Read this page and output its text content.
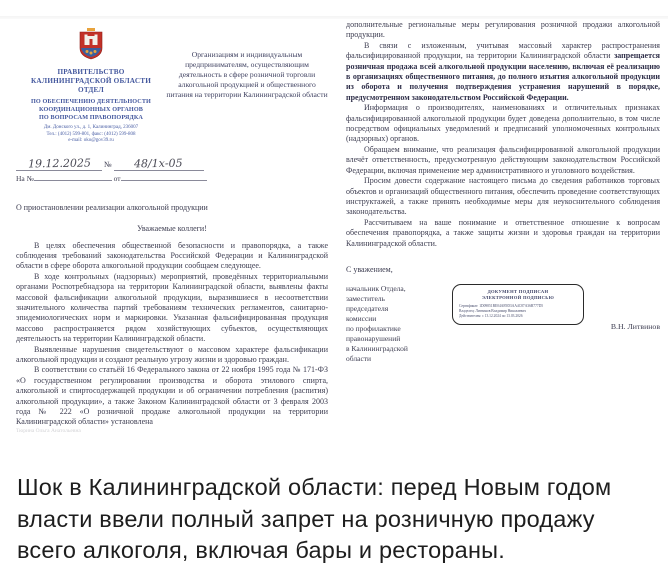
ПРАВИТЕЛЬСТВО
КАЛИНИНГРАДСКОЙ ОБЛАСТИ
ОТДЕЛ
ПО ОБЕСПЕЧЕНИЮ ДЕЯТЕЛЬНОСТИ
КООРДИНАЦИОННЫХ ОРГАНОВ
ПО ВОПРОСАМ ПРАВОПОРЯДКА
Дм. Донского ул., д. 1, Калининград, 236007
Тел.: (4012) 599-801, факс: (4012) 599-808
e-mail: oko@gov39.ru
Организациям и индивидуальным предпринимателям, осуществляющим деятельность в сфере розничной торговли алкогольной продукцией и общественного питания на территории Калининградской области
19.12.2025 № 48/1х-05
На №	от
О приостановлении реализации алкогольной продукции
Уважаемые коллеги!

В целях обеспечения общественной безопасности и правопорядка, а также соблюдения требований законодательства Российской Федерации и Калининградской области в сфере оборота алкогольной продукции сообщаем следующее.

В ходе контрольных (надзорных) мероприятий, проведённых территориальными органами Роспотребнадзора на территории Калининградской области, выявлены факты массовой фальсификации алкогольной продукции, выразившиеся в несоответствии значительного количества партий требованиям технических регламентов, санитарно-эпидемиологических норм и маркировки. Указанная фальсифицированная продукция массово распространяется рядом хозяйствующих субъектов, осуществляющих деятельность на территории Калининградской области.

Выявленные нарушения свидетельствуют о массовом характере фальсификации алкогольной продукции и создают реальную угрозу жизни и здоровью граждан.

В соответствии со статьёй 16 Федерального закона от 22 ноября 1995 года № 171-ФЗ «О государственном регулировании производства и оборота этилового спирта, алкогольной и спиртосодержащей продукции и об ограничении потребления (распития) алкогольной продукции», а также Законом Калининградской области от 3 февраля 2003 года № 222 «О розничной продаже алкогольной продукции на территории Калининградской области» установлена

дополнительные региональные меры регулирования розничной продажи алкогольной продукции.

В связи с изложенным, учитывая массовый характер распространения фальсифицированной продукции, на территории Калининградской области запрещается розничная продажа всей алкогольной продукции населению, включая её реализацию в организациях общественного питания, до полного изъятия алкогольной продукции из оборота и получения подтверждения устранения нарушений в порядке, предусмотренном законодательством Российской Федерации.

Информация о производителях, наименованиях и отличительных признаках фальсифицированной алкогольной продукции будет доведена дополнительно, в том числе посредством официальных уведомлений и предписаний уполномоченных контрольных (надзорных) органов.

Обращаем внимание, что реализация фальсифицированной алкогольной продукции влечёт ответственность, предусмотренную действующим законодательством Российской Федерации, включая применение мер административного и уголовного воздействия.

Просим довести содержание настоящего письма до сведения работников торговых объектов и организаций общественного питания, обеспечить проведение соответствующих инструктажей, а также принять необходимые меры для неукоснительного соблюдения законодательства.

Рассчитываем на ваше понимание и ответственное отношение к вопросам обеспечения правопорядка, а также защиты жизни и здоровья граждан на территории Калининградской области.

С уважением,
начальник Отдела,
заместитель
председателя
комиссии
по профилактике
правонарушений
в Калининградской
области
ДОКУМЕНТ ПОДПИСАН
ЭЛЕКТРОННОЙ ПОДПИСЬЮ
Сертификат: 1D09851ВЕ04АЕ9D3АА4С87А36В777D5
Владелец: Литвинов Владимир Николаевич
Действителен: с 13.12.2024 по 13.03.2026
В.Н. Литвинов
Тюрина Ольга Анатольевна
Шок в Калининградской области: перед Новым годом
власти ввели полный запрет на розничную продажу
всего алкоголя, включая бары и рестораны.
